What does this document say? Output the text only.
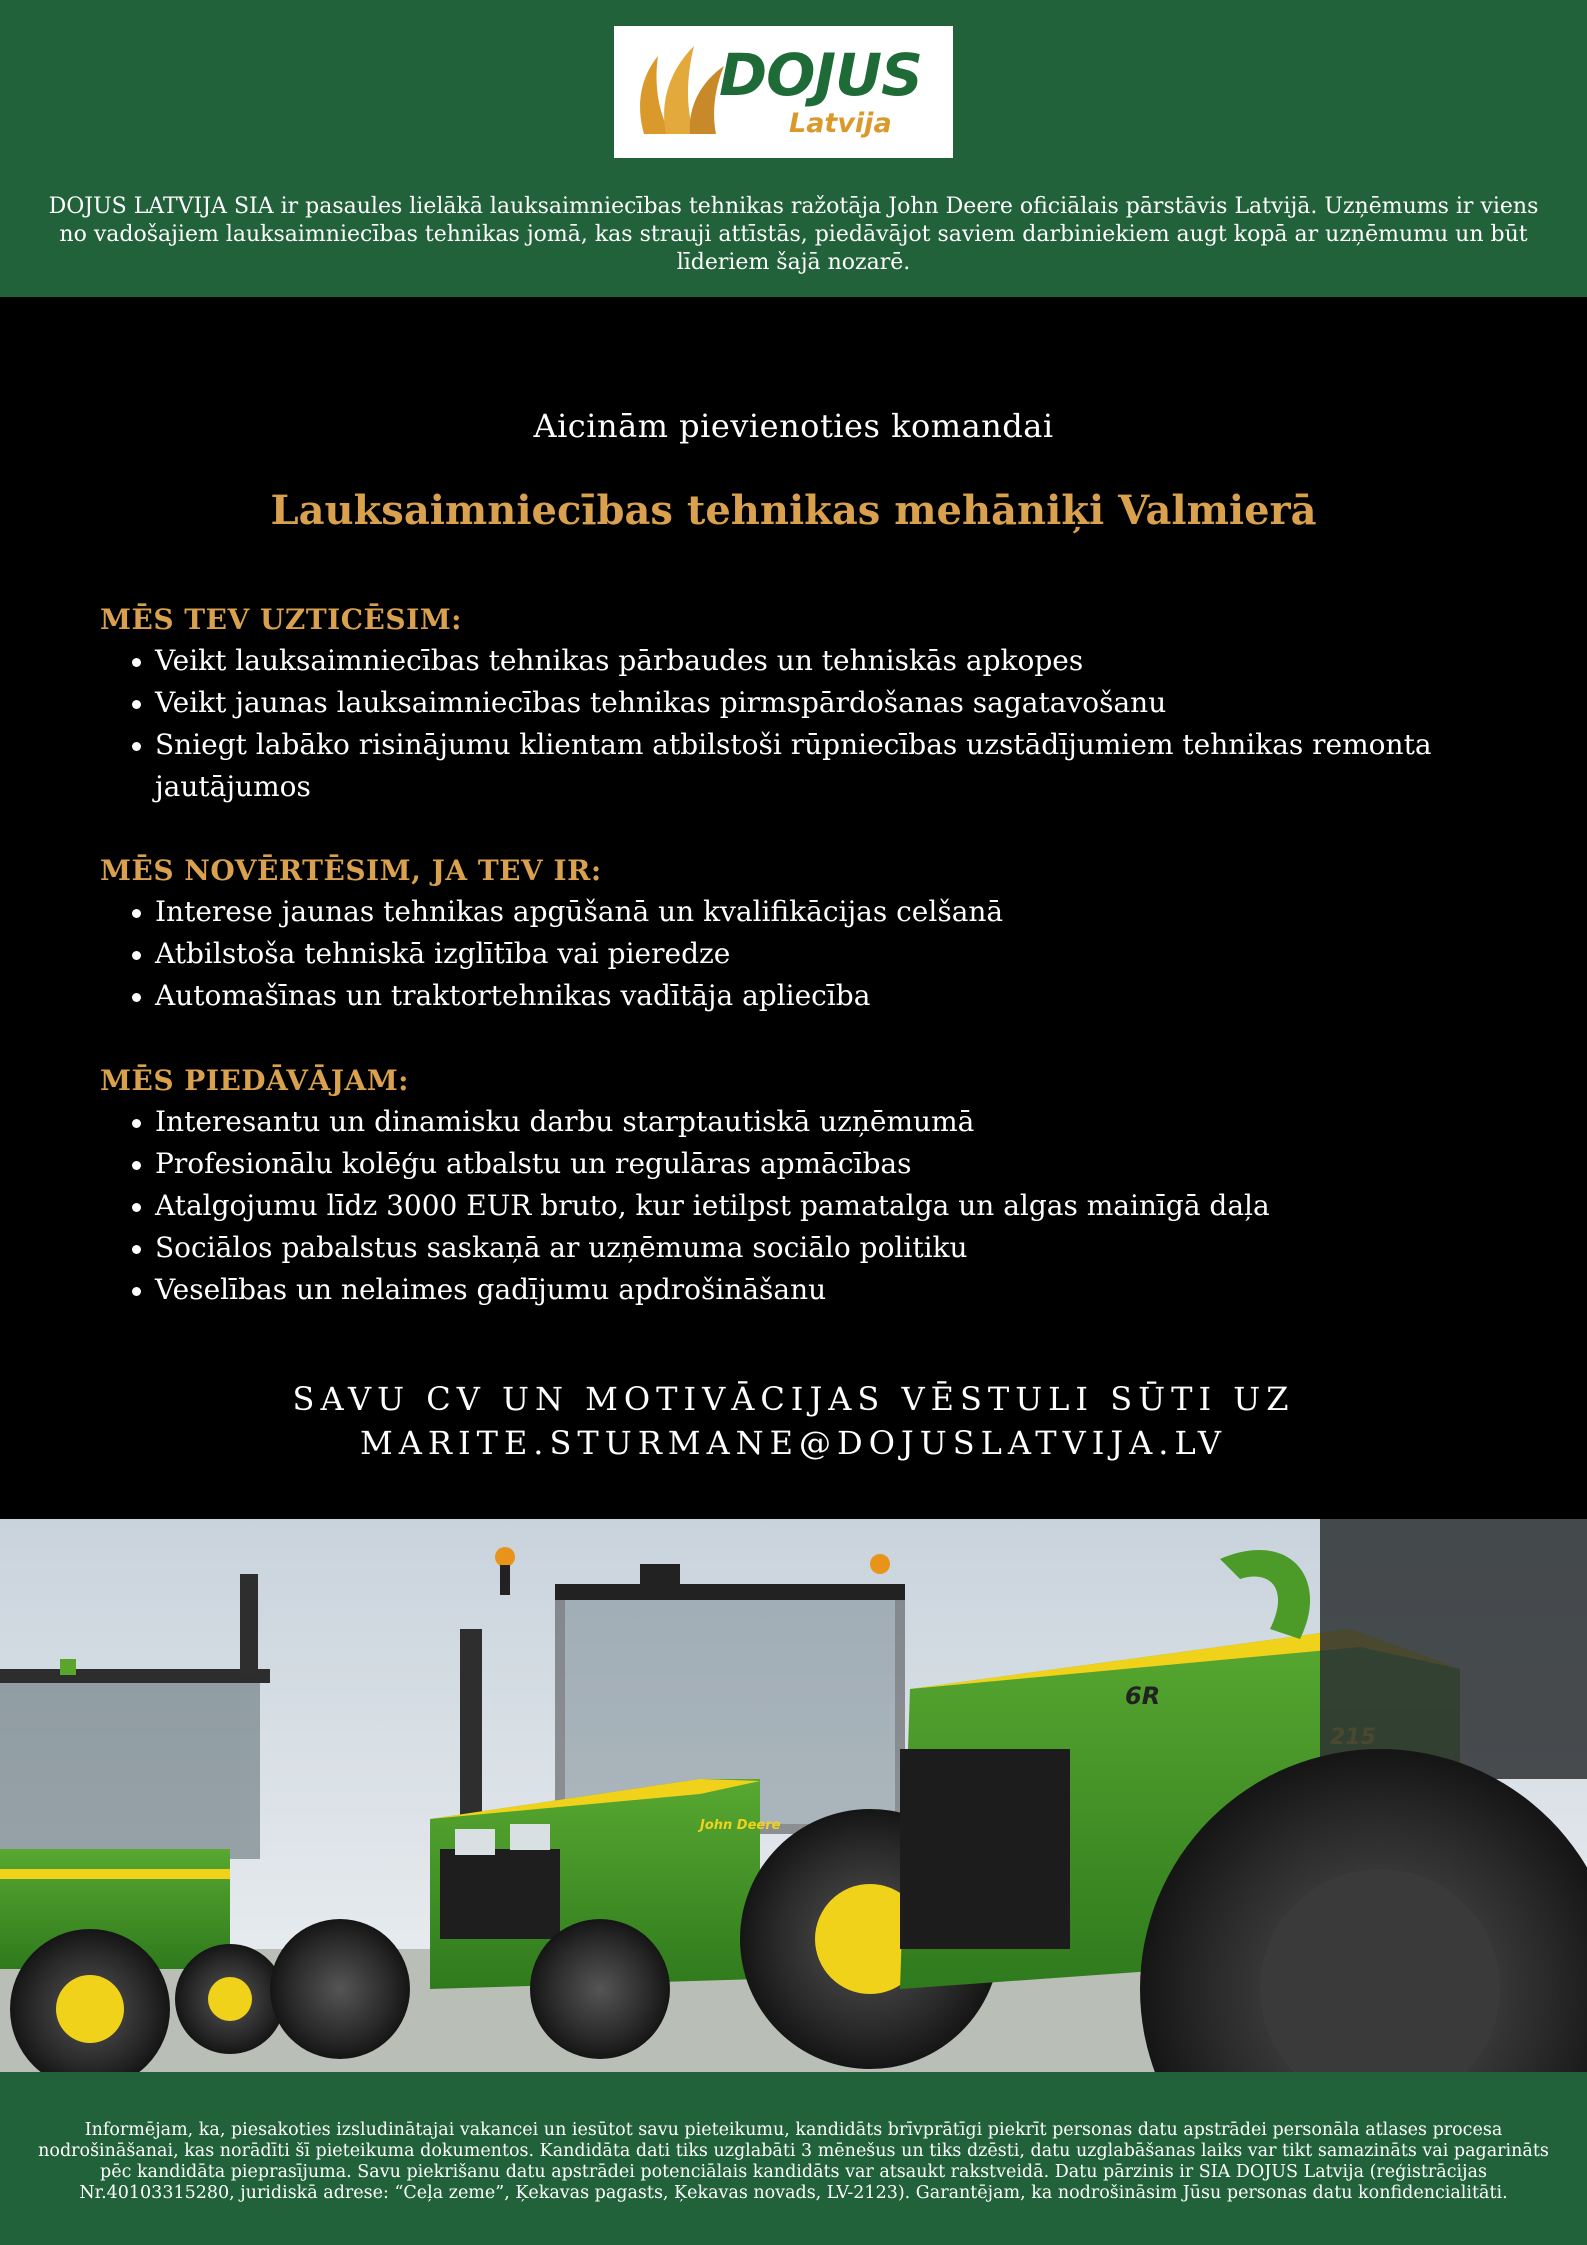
DOJUS
Latvija
DOJUS LATVIJA SIA ir pasaules lielākā lauksaimniecības tehnikas ražotāja John Deere oficiālais pārstāvis Latvijā. Uzņēmums ir viens no vadošajiem lauksaimniecības tehnikas jomā, kas strauji attīstās, piedāvājot saviem darbiniekiem augt kopā ar uzņēmumu un būt līderiem šajā nozarē.
Aicinām pievienoties komandai
Lauksaimniecības tehnikas mehāniķi Valmierā
MĒS TEV UZTICĒSIM:
Veikt lauksaimniecības tehnikas pārbaudes un tehniskās apkopes
Veikt jaunas lauksaimniecības tehnikas pirmspārdošanas sagatavošanu
Sniegt labāko risinājumu klientam atbilstoši rūpniecības uzstādījumiem tehnikas remonta jautājumos
MĒS NOVĒRTĒSIM, JA TEV IR:
Interese jaunas tehnikas apgūšanā un kvalifikācijas celšanā
Atbilstoša tehniskā izglītība vai pieredze
Automašīnas un traktortehnikas vadītāja apliecība
MĒS PIEDĀVĀJAM:
Interesantu un dinamisku darbu starptautiskā uzņēmumā
Profesionālu kolēģu atbalstu un regulāras apmācības
Atalgojumu līdz 3000 EUR bruto, kur ietilpst pamatalga un algas mainīgā daļa
Sociālos pabalstus saskaņā ar uzņēmuma sociālo politiku
Veselības un nelaimes gadījumu apdrošināšanu
SAVU CV UN MOTIVĀCIJAS VĒSTULI SŪTI UZ
MARITE.STURMANE@DOJUSLATVIJA.LV
6R
John Deere
Informējam, ka, piesakoties izsludinātajai vakancei un iesūtot savu pieteikumu, kandidāts brīvprātīgi piekrīt personas datu apstrādei personāla atlases procesa nodrošināšanai, kas norādīti šī pieteikuma dokumentos. Kandidāta dati tiks uzglabāti 3 mēnešus un tiks dzēsti, datu uzglabāšanas laiks var tikt samazināts vai pagarināts pēc kandidāta pieprasījuma. Savu piekrišanu datu apstrādei potenciālais kandidāts var atsaukt rakstveidā. Datu pārzinis ir SIA DOJUS Latvija (reģistrācijas Nr.40103315280, juridiskā adrese: “Ceļa zeme”, Ķekavas pagasts, Ķekavas novads, LV-2123). Garantējam, ka nodrošināsim Jūsu personas datu konfidencialitāti.
